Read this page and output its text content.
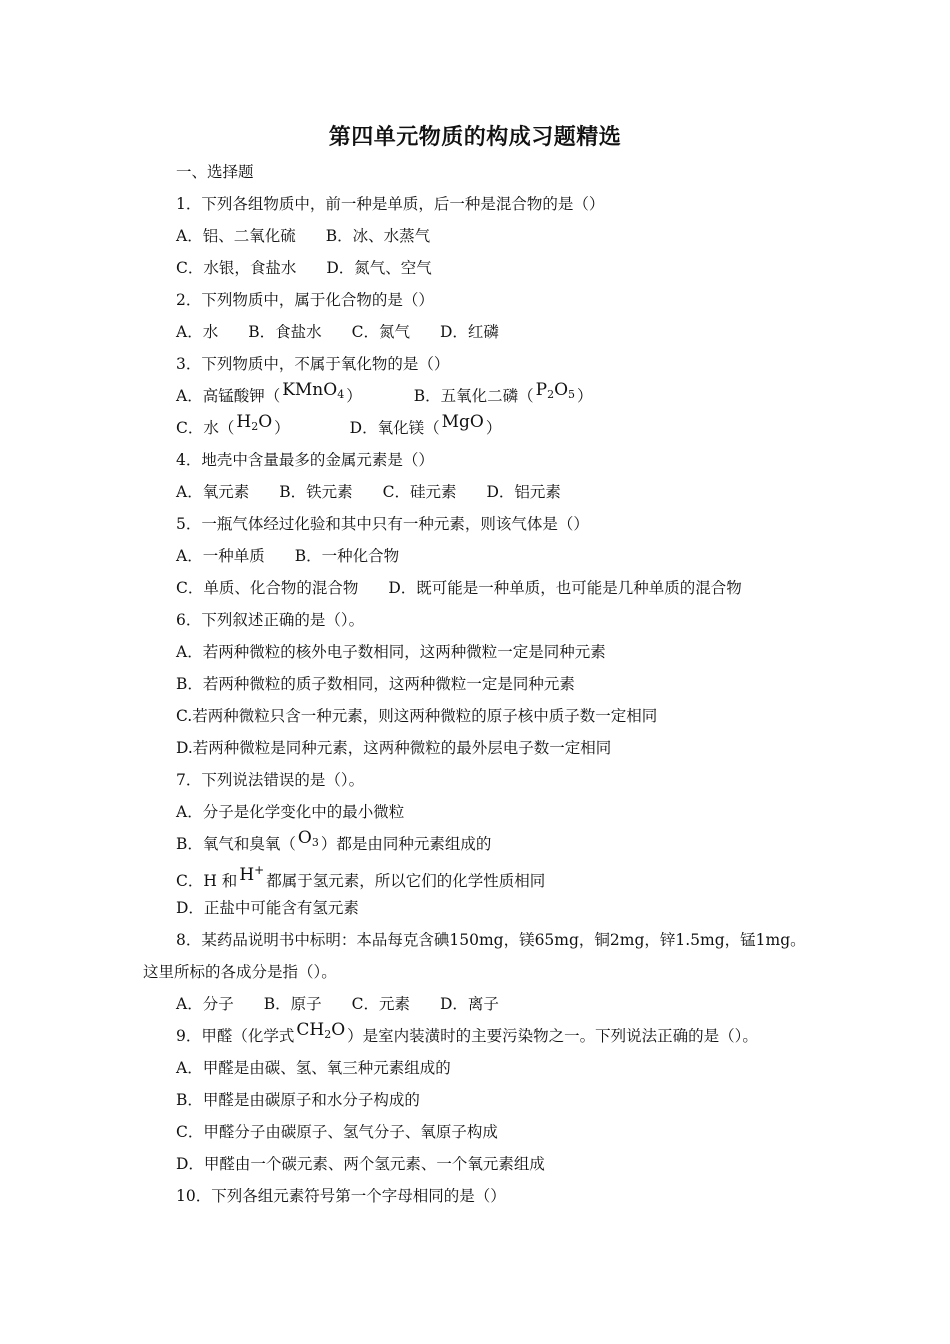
第四单元物质的构成习题精选
一、选择题
1．下列各组物质中，前一种是单质，后一种是混合物的是（）
A．铝、二氧化硫 B．冰、水蒸气
C．水银，食盐水 D．氮气、空气
2．下列物质中，属于化合物的是（）
A．水 B．食盐水 C．氮气 D．红磷
3．下列物质中，不属于氧化物的是（）
A．高锰酸钾（ KMnO$_4$ ）	B．五氧化二磷（ $P_2O_5$ ）
C．水（ $H_2O$ ）	D．氧化镁（ MgO ）
4．地壳中含量最多的金属元素是（）
A．氧元素 B．铁元素 C．硅元素 D．铝元素
5．一瓶气体经过化验和其中只有一种元素，则该气体是（）
A．一种单质 B．一种化合物
C．单质、化合物的混合物 D．既可能是一种单质，也可能是几种单质的混合物
6．下列叙述正确的是（）。
A．若两种微粒的核外电子数相同，这两种微粒一定是同种元素
B．若两种微粒的质子数相同，这两种微粒一定是同种元素
C.若两种微粒只含一种元素，则这两种微粒的原子核中质子数一定相同
D.若两种微粒是同种元素，这两种微粒的最外层电子数一定相同
7．下列说法错误的是（）。
A．分子是化学变化中的最小微粒
B．氧气和臭氧（ $O_3$ ）都是由同种元素组成的
C．H 和 H+都属于氢元素，所以它们的化学性质相同
D．正盐中可能含有氢元素
8．某药品说明书中标明：本品每克含碘150mg，镁65mg，铜2mg，锌1.5mg，锰1mg。
这里所标的各成分是指（）。
A．分子 B．原子 C．元素 D．离子
9．甲醛（化学式 $CH_2O$ ）是室内装潢时的主要污染物之一。下列说法正确的是（）。
A．甲醛是由碳、氢、氧三种元素组成的
B．甲醛是由碳原子和水分子构成的
C．甲醛分子由碳原子、氢气分子、氧原子构成
D．甲醛由一个碳元素、两个氢元素、一个氧元素组成
10．下列各组元素符号第一个字母相同的是（）
